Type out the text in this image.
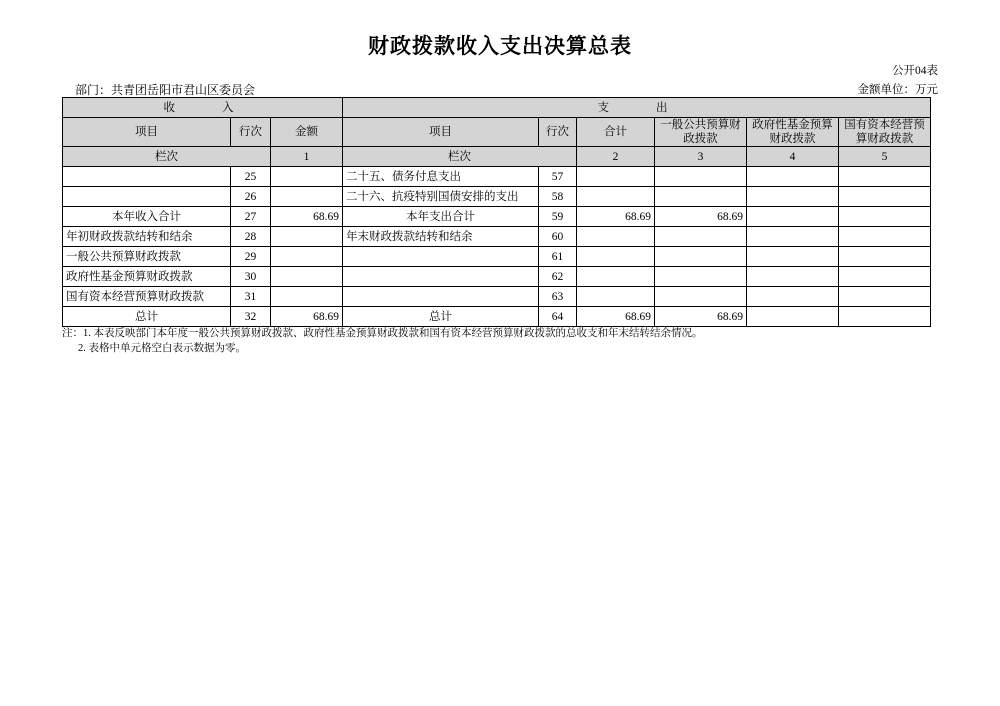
财政拨款收入支出决算总表
公开04表
部门：共青团岳阳市君山区委员会	金额单位：万元
收　　入			支　　出					
项目	行次	金额	项目	行次	合计	一般公共预算财政拨款	政府性基金预算财政拨款	国有资本经营预算财政拨款
栏次		1	栏次		2	3	4	5
	25		二十五、债务付息支出	57				
	26		二十六、抗疫特别国债安排的支出	58				
本年收入合计	27	68.69	本年支出合计	59	68.69	68.69		
年初财政拨款结转和结余	28		年末财政拨款结转和结余	60				
一般公共预算财政拨款	29			61				
政府性基金预算财政拨款	30			62				
国有资本经营预算财政拨款	31			63				
总计	32	68.69	总计	64	68.69	68.69		
注：1. 本表反映部门本年度一般公共预算财政拨款、政府性基金预算财政拨款和国有资本经营预算财政拨款的总收支和年末结转结余情况。
2. 表格中单元格空白表示数据为零。
